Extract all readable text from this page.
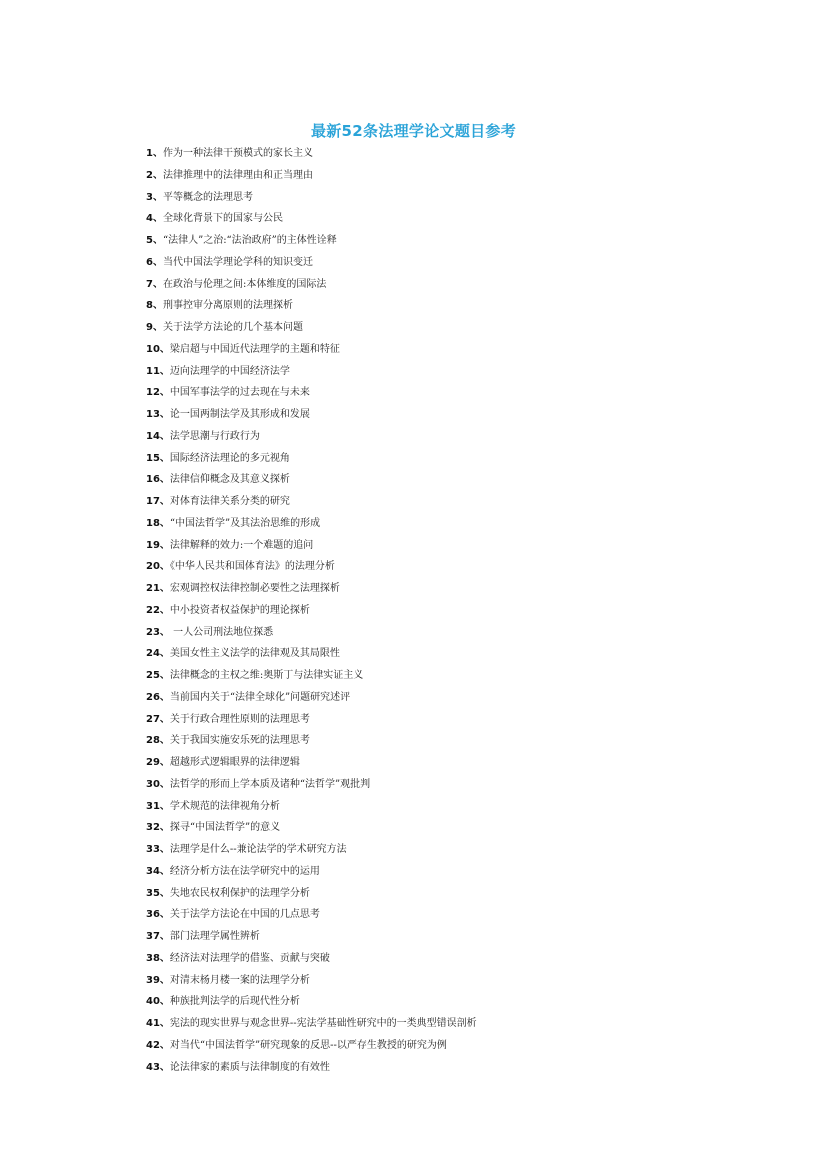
最新52条法理学论文题目参考
1、作为一种法律干预模式的家长主义
2、法律推理中的法律理由和正当理由
3、平等概念的法理思考
4、全球化背景下的国家与公民
5、“法律人”之治:“法治政府”的主体性诠释
6、当代中国法学理论学科的知识变迁
7、在政治与伦理之间:本体维度的国际法
8、刑事控审分离原则的法理探析
9、关于法学方法论的几个基本问题
10、梁启超与中国近代法理学的主题和特征
11、迈向法理学的中国经济法学
12、中国军事法学的过去现在与未来
13、论一国两制法学及其形成和发展
14、法学思潮与行政行为
15、国际经济法理论的多元视角
16、法律信仰概念及其意义探析
17、对体育法律关系分类的研究
18、“中国法哲学”及其法治思维的形成
19、法律解释的效力:一个难题的追问
20、《中华人民共和国体育法》的法理分析
21、宏观调控权法律控制必要性之法理探析
22、中小投资者权益保护的理论探析
23、 一人公司刑法地位探悉
24、美国女性主义法学的法律观及其局限性
25、法律概念的主权之维:奥斯丁与法律实证主义
26、当前国内关于“法律全球化”问题研究述评
27、关于行政合理性原则的法理思考
28、关于我国实施安乐死的法理思考
29、超越形式逻辑眼界的法律逻辑
30、法哲学的形而上学本质及诸种“法哲学”观批判
31、学术规范的法律视角分析
32、探寻“中国法哲学”的意义
33、法理学是什么--兼论法学的学术研究方法
34、经济分析方法在法学研究中的运用
35、失地农民权利保护的法理学分析
36、关于法学方法论在中国的几点思考
37、部门法理学属性辨析
38、经济法对法理学的借鉴、贡献与突破
39、对清末杨月楼一案的法理学分析
40、种族批判法学的后现代性分析
41、宪法的现实世界与观念世界--宪法学基础性研究中的一类典型错误剖析
42、对当代“中国法哲学”研究现象的反思--以严存生教授的研究为例
43、论法律家的素质与法律制度的有效性
